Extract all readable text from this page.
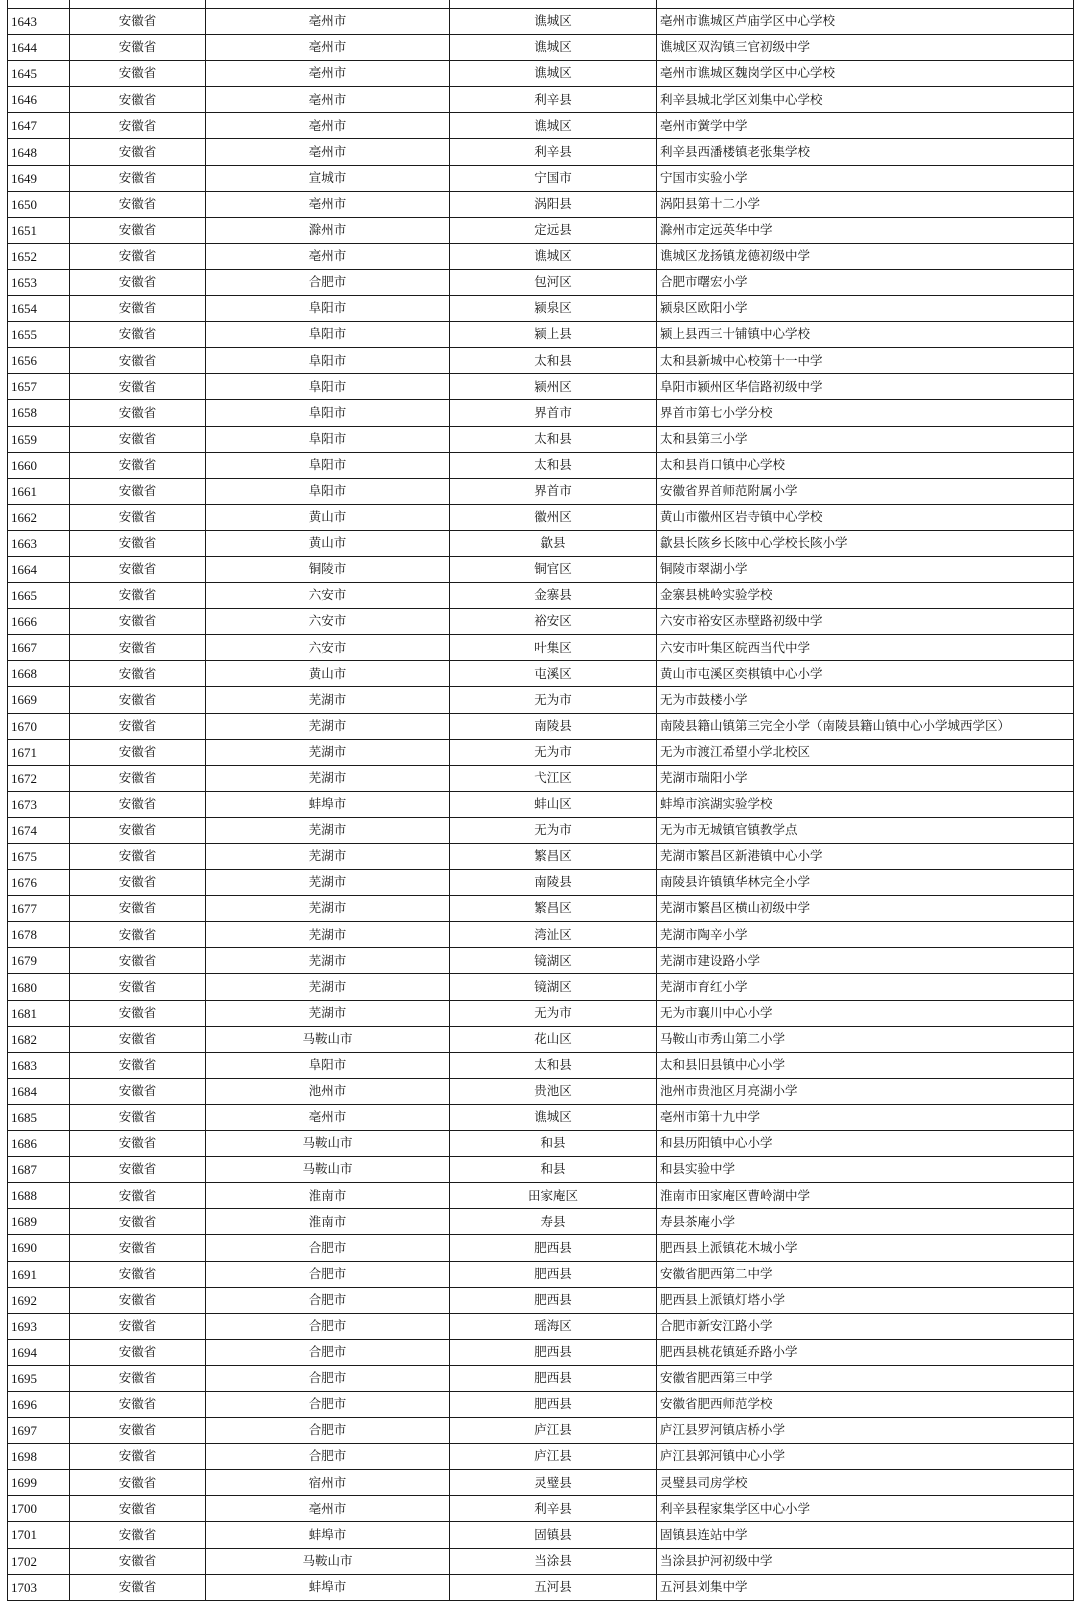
1643	安徽省	亳州市	谯城区	亳州市谯城区芦庙学区中心学校
1644	安徽省	亳州市	谯城区	谯城区双沟镇三官初级中学
1645	安徽省	亳州市	谯城区	亳州市谯城区魏岗学区中心学校
1646	安徽省	亳州市	利辛县	利辛县城北学区刘集中心学校
1647	安徽省	亳州市	谯城区	亳州市黉学中学
1648	安徽省	亳州市	利辛县	利辛县西潘楼镇老张集学校
1649	安徽省	宣城市	宁国市	宁国市实验小学
1650	安徽省	亳州市	涡阳县	涡阳县第十二小学
1651	安徽省	滁州市	定远县	滁州市定远英华中学
1652	安徽省	亳州市	谯城区	谯城区龙扬镇龙德初级中学
1653	安徽省	合肥市	包河区	合肥市曙宏小学
1654	安徽省	阜阳市	颍泉区	颍泉区欧阳小学
1655	安徽省	阜阳市	颍上县	颍上县西三十铺镇中心学校
1656	安徽省	阜阳市	太和县	太和县新城中心校第十一中学
1657	安徽省	阜阳市	颍州区	阜阳市颍州区华信路初级中学
1658	安徽省	阜阳市	界首市	界首市第七小学分校
1659	安徽省	阜阳市	太和县	太和县第三小学
1660	安徽省	阜阳市	太和县	太和县肖口镇中心学校
1661	安徽省	阜阳市	界首市	安徽省界首师范附属小学
1662	安徽省	黄山市	徽州区	黄山市徽州区岩寺镇中心学校
1663	安徽省	黄山市	歙县	歙县长陔乡长陔中心学校长陔小学
1664	安徽省	铜陵市	铜官区	铜陵市翠湖小学
1665	安徽省	六安市	金寨县	金寨县桃岭实验学校
1666	安徽省	六安市	裕安区	六安市裕安区赤壁路初级中学
1667	安徽省	六安市	叶集区	六安市叶集区皖西当代中学
1668	安徽省	黄山市	屯溪区	黄山市屯溪区奕棋镇中心小学
1669	安徽省	芜湖市	无为市	无为市鼓楼小学
1670	安徽省	芜湖市	南陵县	南陵县籍山镇第三完全小学（南陵县籍山镇中心小学城西学区）
1671	安徽省	芜湖市	无为市	无为市渡江希望小学北校区
1672	安徽省	芜湖市	弋江区	芜湖市瑞阳小学
1673	安徽省	蚌埠市	蚌山区	蚌埠市滨湖实验学校
1674	安徽省	芜湖市	无为市	无为市无城镇官镇教学点
1675	安徽省	芜湖市	繁昌区	芜湖市繁昌区新港镇中心小学
1676	安徽省	芜湖市	南陵县	南陵县许镇镇华林完全小学
1677	安徽省	芜湖市	繁昌区	芜湖市繁昌区横山初级中学
1678	安徽省	芜湖市	湾沚区	芜湖市陶辛小学
1679	安徽省	芜湖市	镜湖区	芜湖市建设路小学
1680	安徽省	芜湖市	镜湖区	芜湖市育红小学
1681	安徽省	芜湖市	无为市	无为市襄川中心小学
1682	安徽省	马鞍山市	花山区	马鞍山市秀山第二小学
1683	安徽省	阜阳市	太和县	太和县旧县镇中心小学
1684	安徽省	池州市	贵池区	池州市贵池区月亮湖小学
1685	安徽省	亳州市	谯城区	亳州市第十九中学
1686	安徽省	马鞍山市	和县	和县历阳镇中心小学
1687	安徽省	马鞍山市	和县	和县实验中学
1688	安徽省	淮南市	田家庵区	淮南市田家庵区曹岭湖中学
1689	安徽省	淮南市	寿县	寿县茶庵小学
1690	安徽省	合肥市	肥西县	肥西县上派镇花木城小学
1691	安徽省	合肥市	肥西县	安徽省肥西第二中学
1692	安徽省	合肥市	肥西县	肥西县上派镇灯塔小学
1693	安徽省	合肥市	瑶海区	合肥市新安江路小学
1694	安徽省	合肥市	肥西县	肥西县桃花镇延乔路小学
1695	安徽省	合肥市	肥西县	安徽省肥西第三中学
1696	安徽省	合肥市	肥西县	安徽省肥西师范学校
1697	安徽省	合肥市	庐江县	庐江县罗河镇店桥小学
1698	安徽省	合肥市	庐江县	庐江县郭河镇中心小学
1699	安徽省	宿州市	灵璧县	灵璧县司房学校
1700	安徽省	亳州市	利辛县	利辛县程家集学区中心小学
1701	安徽省	蚌埠市	固镇县	固镇县连站中学
1702	安徽省	马鞍山市	当涂县	当涂县护河初级中学
1703	安徽省	蚌埠市	五河县	五河县刘集中学
